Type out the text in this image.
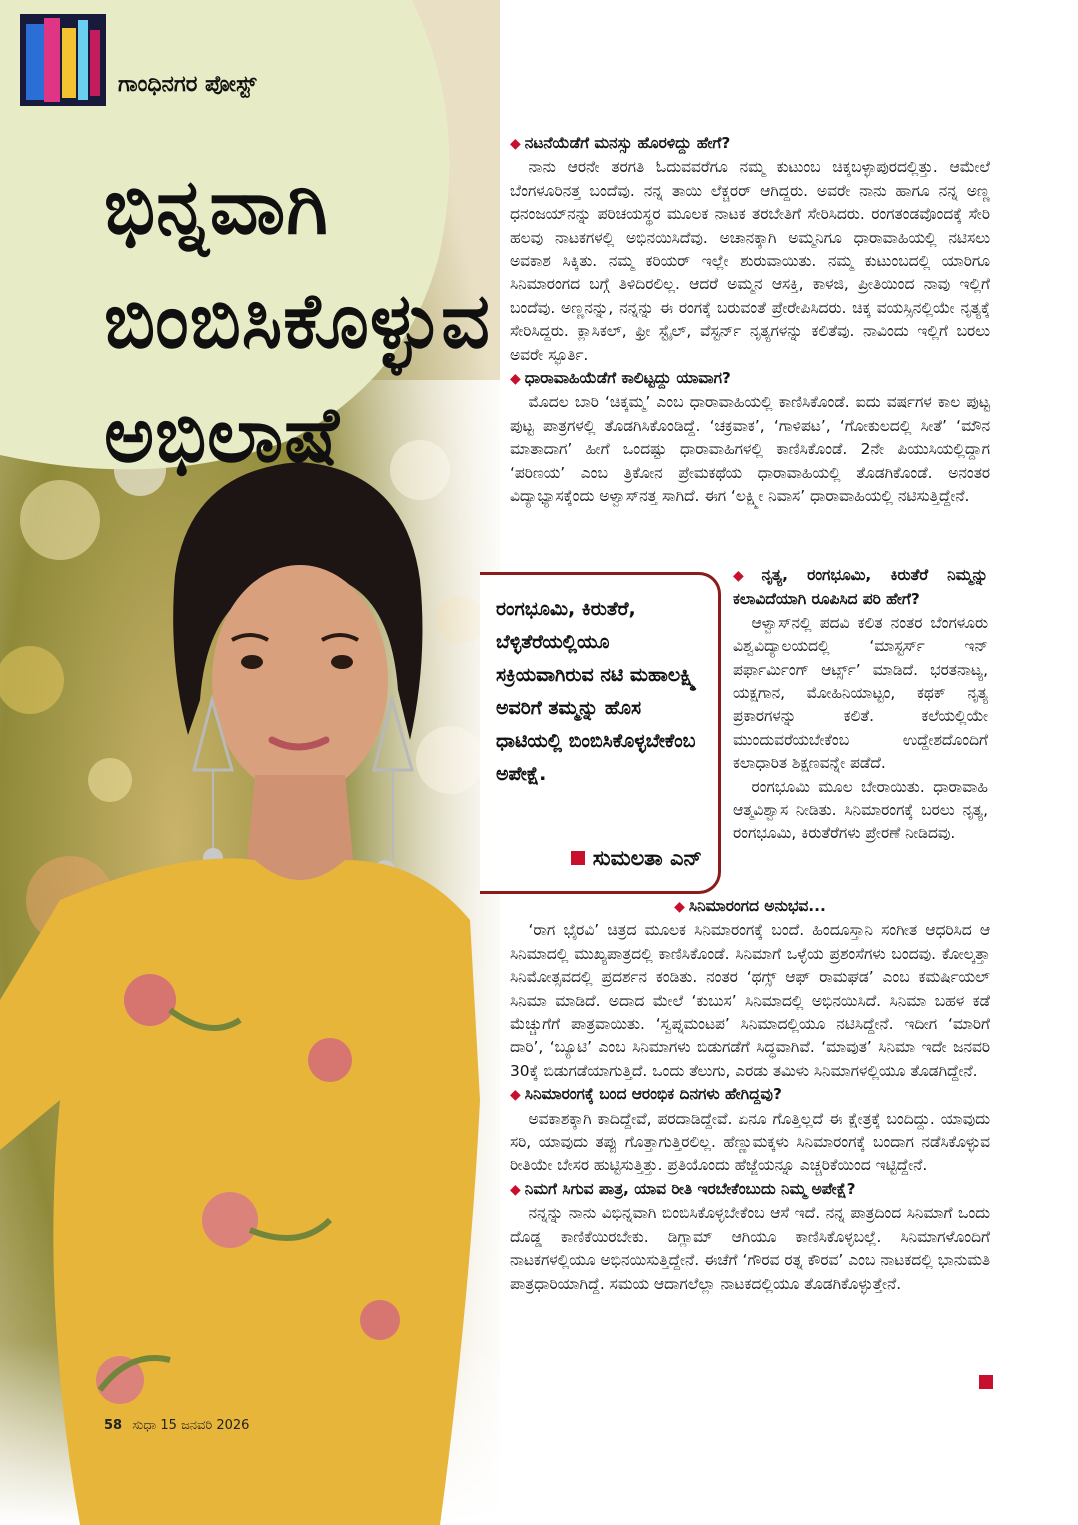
ಗಾಂಧಿನಗರ ಪೋಸ್ಟ್
ಭಿನ್ನವಾಗಿ
ಬಿಂಬಿಸಿಕೊಳ್ಳುವ
ಅಭಿಲಾಷೆ
◆ ನಟನೆಯೆಡೆಗೆ ಮನಸ್ಸು ಹೊರಳಿದ್ದು ಹೇಗೆ?
ನಾನು ಆರನೇ ತರಗತಿ ಓದುವವರೆಗೂ ನಮ್ಮ ಕುಟುಂಬ ಚಿಕ್ಕಬಳ್ಳಾಪುರದಲ್ಲಿತ್ತು. ಆಮೇಲೆ ಬೆಂಗಳೂರಿನತ್ತ ಬಂದೆವು. ನನ್ನ ತಾಯಿ ಲೆಕ್ಚರರ್ ಆಗಿದ್ದರು. ಅವರೇ ನಾನು ಹಾಗೂ ನನ್ನ ಅಣ್ಣ ಧನಂಜಯ್‌ನನ್ನು ಪರಿಚಯಸ್ಥರ ಮೂಲಕ ನಾಟಕ ತರಬೇತಿಗೆ ಸೇರಿಸಿದರು. ರಂಗತಂಡವೊಂದಕ್ಕೆ ಸೇರಿ ಹಲವು ನಾಟಕಗಳಲ್ಲಿ ಅಭಿನಯಿಸಿದೆವು. ಅಚಾನಕ್ಕಾಗಿ ಅಮ್ಮನಿಗೂ ಧಾರಾವಾಹಿಯಲ್ಲಿ ನಟಿಸಲು ಅವಕಾಶ ಸಿಕ್ಕಿತು. ನಮ್ಮ ಕರಿಯರ್ ಇಲ್ಲೇ ಶುರುವಾಯಿತು. ನಮ್ಮ ಕುಟುಂಬದಲ್ಲಿ ಯಾರಿಗೂ ಸಿನಿಮಾರಂಗದ ಬಗ್ಗೆ ತಿಳಿದಿರಲಿಲ್ಲ. ಆದರೆ ಅಮ್ಮನ ಆಸಕ್ತಿ, ಕಾಳಜಿ, ಪ್ರೀತಿಯಿಂದ ನಾವು ಇಲ್ಲಿಗೆ ಬಂದೆವು. ಅಣ್ಣನನ್ನು, ನನ್ನನ್ನು ಈ ರಂಗಕ್ಕೆ ಬರುವಂತೆ ಪ್ರೇರೇಪಿಸಿದರು. ಚಿಕ್ಕ ವಯಸ್ಸಿನಲ್ಲಿಯೇ ನೃತ್ಯಕ್ಕೆ ಸೇರಿಸಿದ್ದರು. ಕ್ಲಾಸಿಕಲ್, ಫ್ರೀ ಸ್ಟೈಲ್, ವೆಸ್ಟರ್ನ್ ನೃತ್ಯಗಳನ್ನು ಕಲಿತೆವು. ನಾವಿಂದು ಇಲ್ಲಿಗೆ ಬರಲು ಅವರೇ ಸ್ಫೂರ್ತಿ.
◆ ಧಾರಾವಾಹಿಯೆಡೆಗೆ ಕಾಲಿಟ್ಟದ್ದು ಯಾವಾಗ?
ಮೊದಲ ಬಾರಿ ‘ಚಿಕ್ಕಮ್ಮ’ ಎಂಬ ಧಾರಾವಾಹಿಯಲ್ಲಿ ಕಾಣಿಸಿಕೊಂಡೆ. ಐದು ವರ್ಷಗಳ ಕಾಲ ಪುಟ್ಟ ಪುಟ್ಟ ಪಾತ್ರಗಳಲ್ಲಿ ತೊಡಗಿಸಿಕೊಂಡಿದ್ದೆ. ‘ಚಕ್ರವಾಕ’, ‘ಗಾಳಿಪಟ’, ‘ಗೋಕುಲದಲ್ಲಿ ಸೀತೆ’ ‘ಮೌನ ಮಾತಾದಾಗ’ ಹೀಗೆ ಒಂದಷ್ಟು ಧಾರಾವಾಹಿಗಳಲ್ಲಿ ಕಾಣಿಸಿಕೊಂಡೆ. 2ನೇ ಪಿಯುಸಿಯಲ್ಲಿದ್ದಾಗ ‘ಪರಿಣಯ’ ಎಂಬ ತ್ರಿಕೋನ ಪ್ರೇಮಕಥೆಯ ಧಾರಾವಾಹಿಯಲ್ಲಿ ತೊಡಗಿಕೊಂಡೆ. ಅನಂತರ ವಿದ್ಯಾಭ್ಯಾಸಕ್ಕೆಂದು ಅಳ್ವಾಸ್‌ನತ್ತ ಸಾಗಿದೆ. ಈಗ ‘ಲಕ್ಷ್ಮೀ ನಿವಾಸ’ ಧಾರಾವಾಹಿಯಲ್ಲಿ ನಟಿಸುತ್ತಿದ್ದೇನೆ.
◆ ನೃತ್ಯ, ರಂಗಭೂಮಿ, ಕಿರುತೆರೆ ನಿಮ್ಮನ್ನು ಕಲಾವಿದೆಯಾಗಿ ರೂಪಿಸಿದ ಪರಿ ಹೇಗೆ?
ಆಳ್ವಾಸ್‌ನಲ್ಲಿ ಪದವಿ ಕಲಿತ ನಂತರ ಬೆಂಗಳೂರು ವಿಶ್ವವಿದ್ಯಾಲಯದಲ್ಲಿ ‘ಮಾಸ್ಟರ್ಸ್ ಇನ್ ಪರ್ಫಾರ್ಮಿಂಗ್ ಆರ್ಟ್ಸ್’ ಮಾಡಿದೆ. ಭರತನಾಟ್ಯ, ಯಕ್ಷಗಾನ, ಮೋಹಿನಿಯಾಟ್ಟಂ, ಕಥಕ್ ನೃತ್ಯ ಪ್ರಕಾರಗಳನ್ನು ಕಲಿತೆ. ಕಲೆಯಲ್ಲಿಯೇ ಮುಂದುವರೆಯಬೇಕೆಂಬ ಉದ್ದೇಶದೊಂದಿಗೆ ಕಲಾಧಾರಿತ ಶಿಕ್ಷಣವನ್ನೇ ಪಡೆದೆ.
ರಂಗಭೂಮಿ ಮೂಲ ಬೇರಾಯಿತು. ಧಾರಾವಾಹಿ ಆತ್ಮವಿಶ್ವಾಸ ನೀಡಿತು. ಸಿನಿಮಾರಂಗಕ್ಕೆ ಬರಲು ನೃತ್ಯ, ರಂಗಭೂಮಿ, ಕಿರುತೆರೆಗಳು ಪ್ರೇರಣೆ ನೀಡಿದವು.
ರಂಗಭೂಮಿ, ಕಿರುತೆರೆ, ಬೆಳ್ಳಿತೆರೆಯಲ್ಲಿಯೂ ಸಕ್ರಿಯವಾಗಿರುವ ನಟಿ ಮಹಾಲಕ್ಷ್ಮಿ ಅವರಿಗೆ ತಮ್ಮನ್ನು ಹೊಸ ಧಾಟಿಯಲ್ಲಿ ಬಿಂಬಿಸಿಕೊಳ್ಳಬೇಕೆಂಬ ಅಪೇಕ್ಷೆ.
ಸುಮಲತಾ ಎನ್
◆ ಸಿನಿಮಾರಂಗದ ಅನುಭವ...
‘ರಾಗ ಭೈರವಿ’ ಚಿತ್ರದ ಮೂಲಕ ಸಿನಿಮಾರಂಗಕ್ಕೆ ಬಂದೆ. ಹಿಂದೂಸ್ತಾನಿ ಸಂಗೀತ ಆಧರಿಸಿದ ಆ ಸಿನಿಮಾದಲ್ಲಿ ಮುಖ್ಯಪಾತ್ರದಲ್ಲಿ ಕಾಣಿಸಿಕೊಂಡೆ. ಸಿನಿಮಾಗೆ ಒಳ್ಳೆಯ ಪ್ರಶಂಸೆಗಳು ಬಂದವು. ಕೋಲ್ಕತ್ತಾ ಸಿನಿಮೋತ್ಸವದಲ್ಲಿ ಪ್ರದರ್ಶನ ಕಂಡಿತು. ನಂತರ ‘ಥಗ್ಸ್ ಆಫ್ ರಾಮಘಡ’ ಎಂಬ ಕಮರ್ಷಿಯಲ್ ಸಿನಿಮಾ ಮಾಡಿದೆ. ಅದಾದ ಮೇಲೆ ‘ಕುಬುಸ’ ಸಿನಿಮಾದಲ್ಲಿ ಅಭಿನಯಿಸಿದೆ. ಸಿನಿಮಾ ಬಹಳ ಕಡೆ ಮೆಚ್ಚುಗೆಗೆ ಪಾತ್ರವಾಯಿತು. ‘ಸ್ವಪ್ನಮಂಟಪ’ ಸಿನಿಮಾದಲ್ಲಿಯೂ ನಟಿಸಿದ್ದೇನೆ. ಇದೀಗ ‘ಮಾರಿಗೆ ದಾರಿ’, ‘ಬ್ಯೂಟಿ’ ಎಂಬ ಸಿನಿಮಾಗಳು ಬಿಡುಗಡೆಗೆ ಸಿದ್ಧವಾಗಿವೆ. ‘ಮಾವುತ’ ಸಿನಿಮಾ ಇದೇ ಜನವರಿ 30ಕ್ಕೆ ಬಿಡುಗಡೆಯಾಗುತ್ತಿದೆ. ಒಂದು ತೆಲುಗು, ಎರಡು ತಮಿಳು ಸಿನಿಮಾಗಳಲ್ಲಿಯೂ ತೊಡಗಿದ್ದೇನೆ.
◆ ಸಿನಿಮಾರಂಗಕ್ಕೆ ಬಂದ ಆರಂಭಿಕ ದಿನಗಳು ಹೇಗಿದ್ದವು?
ಅವಕಾಶಕ್ಕಾಗಿ ಕಾದಿದ್ದೇವೆ, ಪರದಾಡಿದ್ದೇವೆ. ಏನೂ ಗೊತ್ತಿಲ್ಲದೆ ಈ ಕ್ಷೇತ್ರಕ್ಕೆ ಬಂದಿದ್ದು. ಯಾವುದು ಸರಿ, ಯಾವುದು ತಪ್ಪು ಗೊತ್ತಾಗುತ್ತಿರಲಿಲ್ಲ. ಹೆಣ್ಣುಮಕ್ಕಳು ಸಿನಿಮಾರಂಗಕ್ಕೆ ಬಂದಾಗ ನಡೆಸಿಕೊಳ್ಳುವ ರೀತಿಯೇ ಬೇಸರ ಹುಟ್ಟಿಸುತ್ತಿತ್ತು. ಪ್ರತಿಯೊಂದು ಹೆಜ್ಜೆಯನ್ನೂ ಎಚ್ಚರಿಕೆಯಿಂದ ಇಟ್ಟಿದ್ದೇನೆ.
◆ ನಿಮಗೆ ಸಿಗುವ ಪಾತ್ರ, ಯಾವ ರೀತಿ ಇರಬೇಕೆಂಬುದು ನಿಮ್ಮ ಅಪೇಕ್ಷೆ?
ನನ್ನನ್ನು ನಾನು ವಿಭಿನ್ನವಾಗಿ ಬಿಂಬಿಸಿಕೊಳ್ಳಬೇಕೆಂಬ ಆಸೆ ಇದೆ. ನನ್ನ ಪಾತ್ರದಿಂದ ಸಿನಿಮಾಗೆ ಒಂದು ದೊಡ್ಡ ಕಾಣಿಕೆಯಿರಬೇಕು. ಡಿಗ್ಲಾಮ್ ಆಗಿಯೂ ಕಾಣಿಸಿಕೊಳ್ಳಬಲ್ಲೆ. ಸಿನಿಮಾಗಳೊಂದಿಗೆ ನಾಟಕಗಳಲ್ಲಿಯೂ ಅಭಿನಯಿಸುತ್ತಿದ್ದೇನೆ. ಈಚೆಗೆ ‘ಗೌರವ ರತ್ನ ಕೌರವ’ ಎಂಬ ನಾಟಕದಲ್ಲಿ ಭಾನುಮತಿ ಪಾತ್ರಧಾರಿಯಾಗಿದ್ದೆ. ಸಮಯ ಆದಾಗಲೆಲ್ಲಾ ನಾಟಕದಲ್ಲಿಯೂ ತೊಡಗಿಕೊಳ್ಳುತ್ತೇನೆ.
58 ಸುಧಾ 15 ಜನವರಿ 2026
